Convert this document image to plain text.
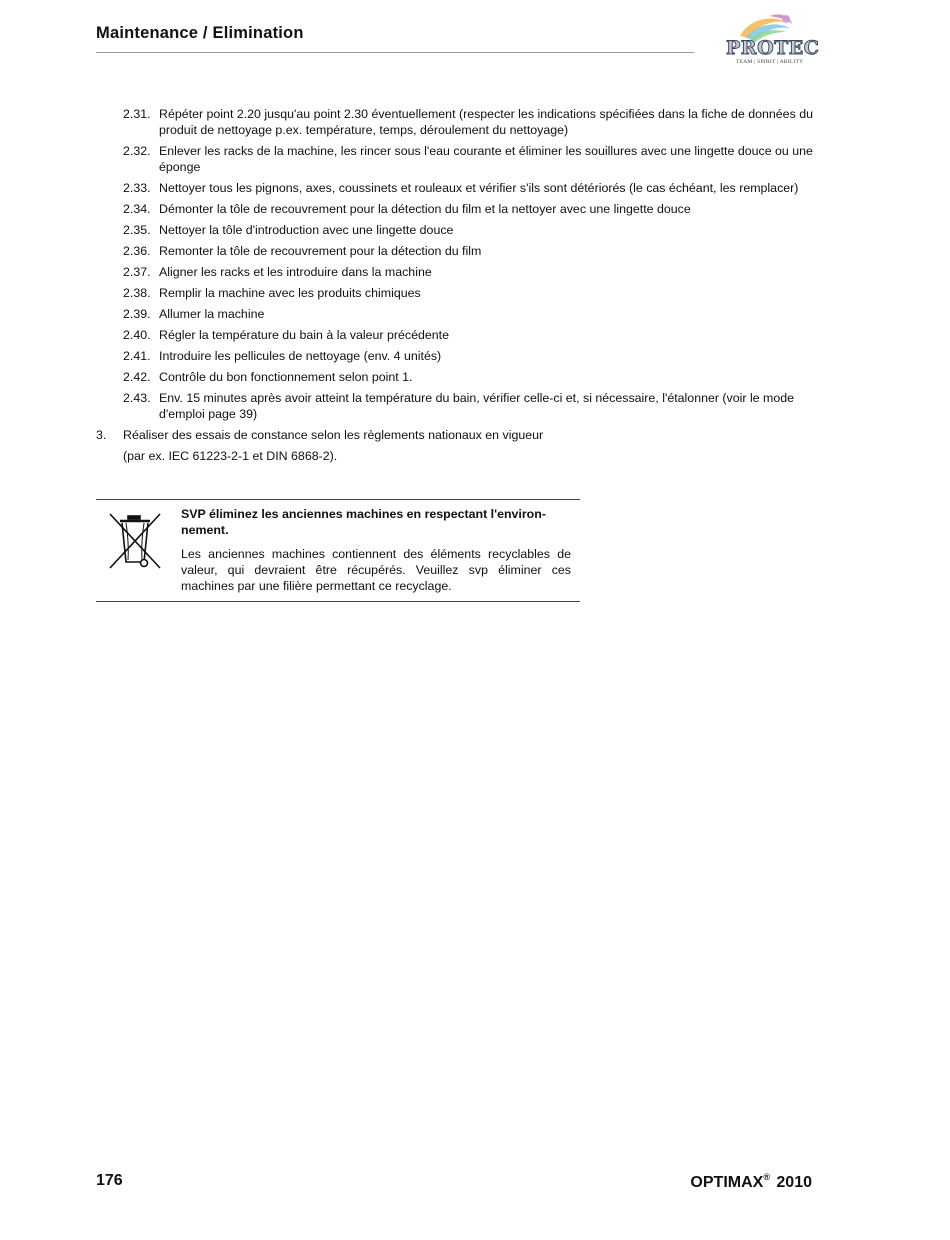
Maintenance / Elimination
PROTEC
TEAM | SPIRIT | ABILITY
2.31. Répéter point 2.20 jusqu'au point 2.30 éventuellement (respecter les indications spécifiées dans la fiche de données du produit de nettoyage p.ex. température, temps, déroulement du nettoyage)
2.32. Enlever les racks de la machine, les rincer sous l'eau courante et éliminer les souillures avec une lingette douce ou une éponge
2.33. Nettoyer tous les pignons, axes, coussinets et rouleaux et vérifier s'ils sont détériorés (le cas échéant, les remplacer)
2.34. Démonter la tôle de recouvrement pour la détection du film et la nettoyer avec une lingette douce
2.35. Nettoyer la tôle d'introduction avec une lingette douce
2.36. Remonter la tôle de recouvrement pour la détection du film
2.37. Aligner les racks et les introduire dans la machine
2.38. Remplir la machine avec les produits chimiques
2.39. Allumer la machine
2.40. Régler la température du bain à la valeur précédente
2.41. Introduire les pellicules de nettoyage (env. 4 unités)
2.42. Contrôle du bon fonctionnement selon point 1.
2.43. Env. 15 minutes après avoir atteint la température du bain, vérifier celle-ci et, si nécessaire, l'étalonner (voir le mode d'emploi page 39)
3. Réaliser des essais de constance selon les règlements nationaux en vigueur
(par ex. IEC 61223-2-1 et DIN 6868-2).
SVP éliminez les anciennes machines en respectant l'environnement.
Les anciennes machines contiennent des éléments recyclables de valeur, qui devraient être récupérés. Veuillez svp éliminer ces machines par une filière permettant ce recyclage.
176	OPTIMAX® 2010
